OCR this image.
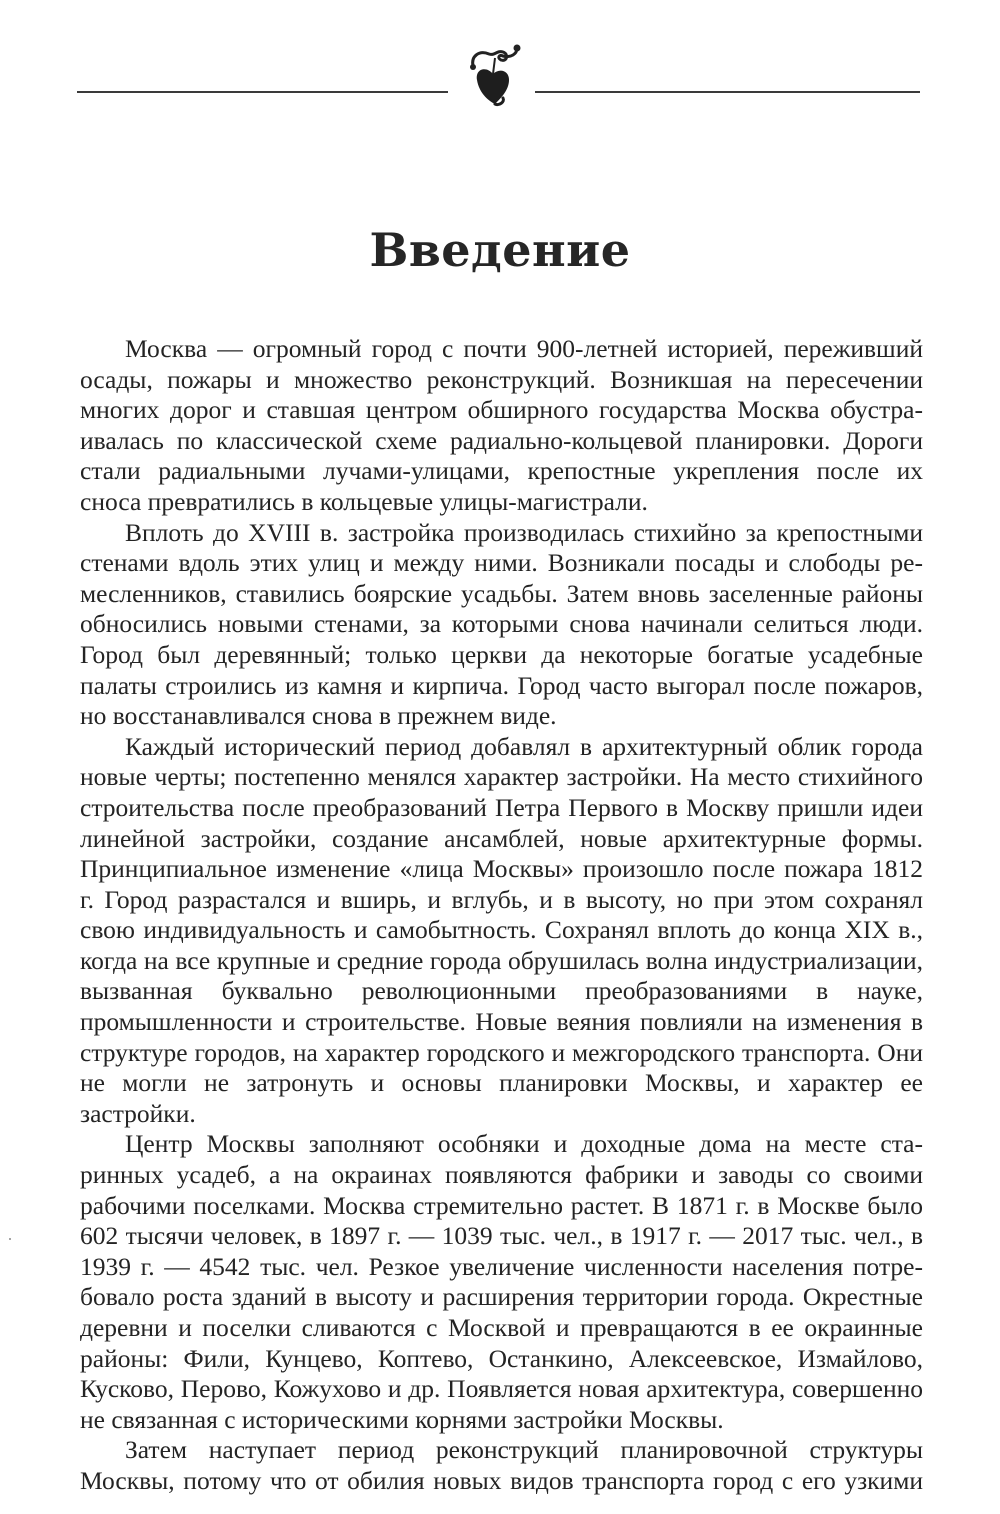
Введение

Москва — огромный город с почти 900-летней историей, переживший осады, пожары и множество реконструкций. Возникшая на пересечении многих дорог и ставшая центром обширного государства Москва обустраивалась по классической схеме радиально-кольцевой планировки. Дороги стали радиальными лучами-улицами, крепостные укрепления после их сноса превратились в кольцевые улицы-магистрали.

Вплоть до XVIII в. застройка производилась стихийно за крепостными стенами вдоль этих улиц и между ними. Возникали посады и слободы ремесленников, ставились боярские усадьбы. Затем вновь заселенные районы обносились новыми стенами, за которыми снова начинали селиться люди. Город был деревянный; только церкви да некоторые богатые усадебные палаты строились из камня и кирпича. Город часто выгорал после пожаров, но восстанавливался снова в прежнем виде.

Каждый исторический период добавлял в архитектурный облик города новые черты; постепенно менялся характер застройки. На место стихийного строительства после преобразований Петра Первого в Москву пришли идеи линейной застройки, создание ансамблей, новые архитектурные формы. Принципиальное изменение «лица Москвы» произошло после пожара 1812 г. Город разрастался и вширь, и вглубь, и в высоту, но при этом сохранял свою индивидуальность и самобытность. Сохранял вплоть до конца XIX в., когда на все крупные и средние города обрушилась волна индустриализации, вызванная буквально революционными преобразованиями в науке, промышленности и строительстве. Новые веяния повлияли на изменения в структуре городов, на характер городского и межгородского транспорта. Они не могли не затронуть и основы планировки Москвы, и характер ее застройки.

Центр Москвы заполняют особняки и доходные дома на месте старинных усадеб, а на окраинах появляются фабрики и заводы со своими рабочими поселками. Москва стремительно растет. В 1871 г. в Москве было 602 тысячи человек, в 1897 г. — 1039 тыс. чел., в 1917 г. — 2017 тыс. чел., в 1939 г. — 4542 тыс. чел. Резкое увеличение численности населения потребовало роста зданий в высоту и расширения территории города. Окрестные деревни и поселки сливаются с Москвой и превращаются в ее окраинные районы: Фили, Кунцево, Коптево, Останкино, Алексеевское, Измайлово, Кусково, Перово, Кожухово и др. Появляется новая архитектура, совершенно не связанная с историческими корнями застройки Москвы.

Затем наступает период реконструкций планировочной структуры Москвы, потому что от обилия новых видов транспорта город с его узкими
